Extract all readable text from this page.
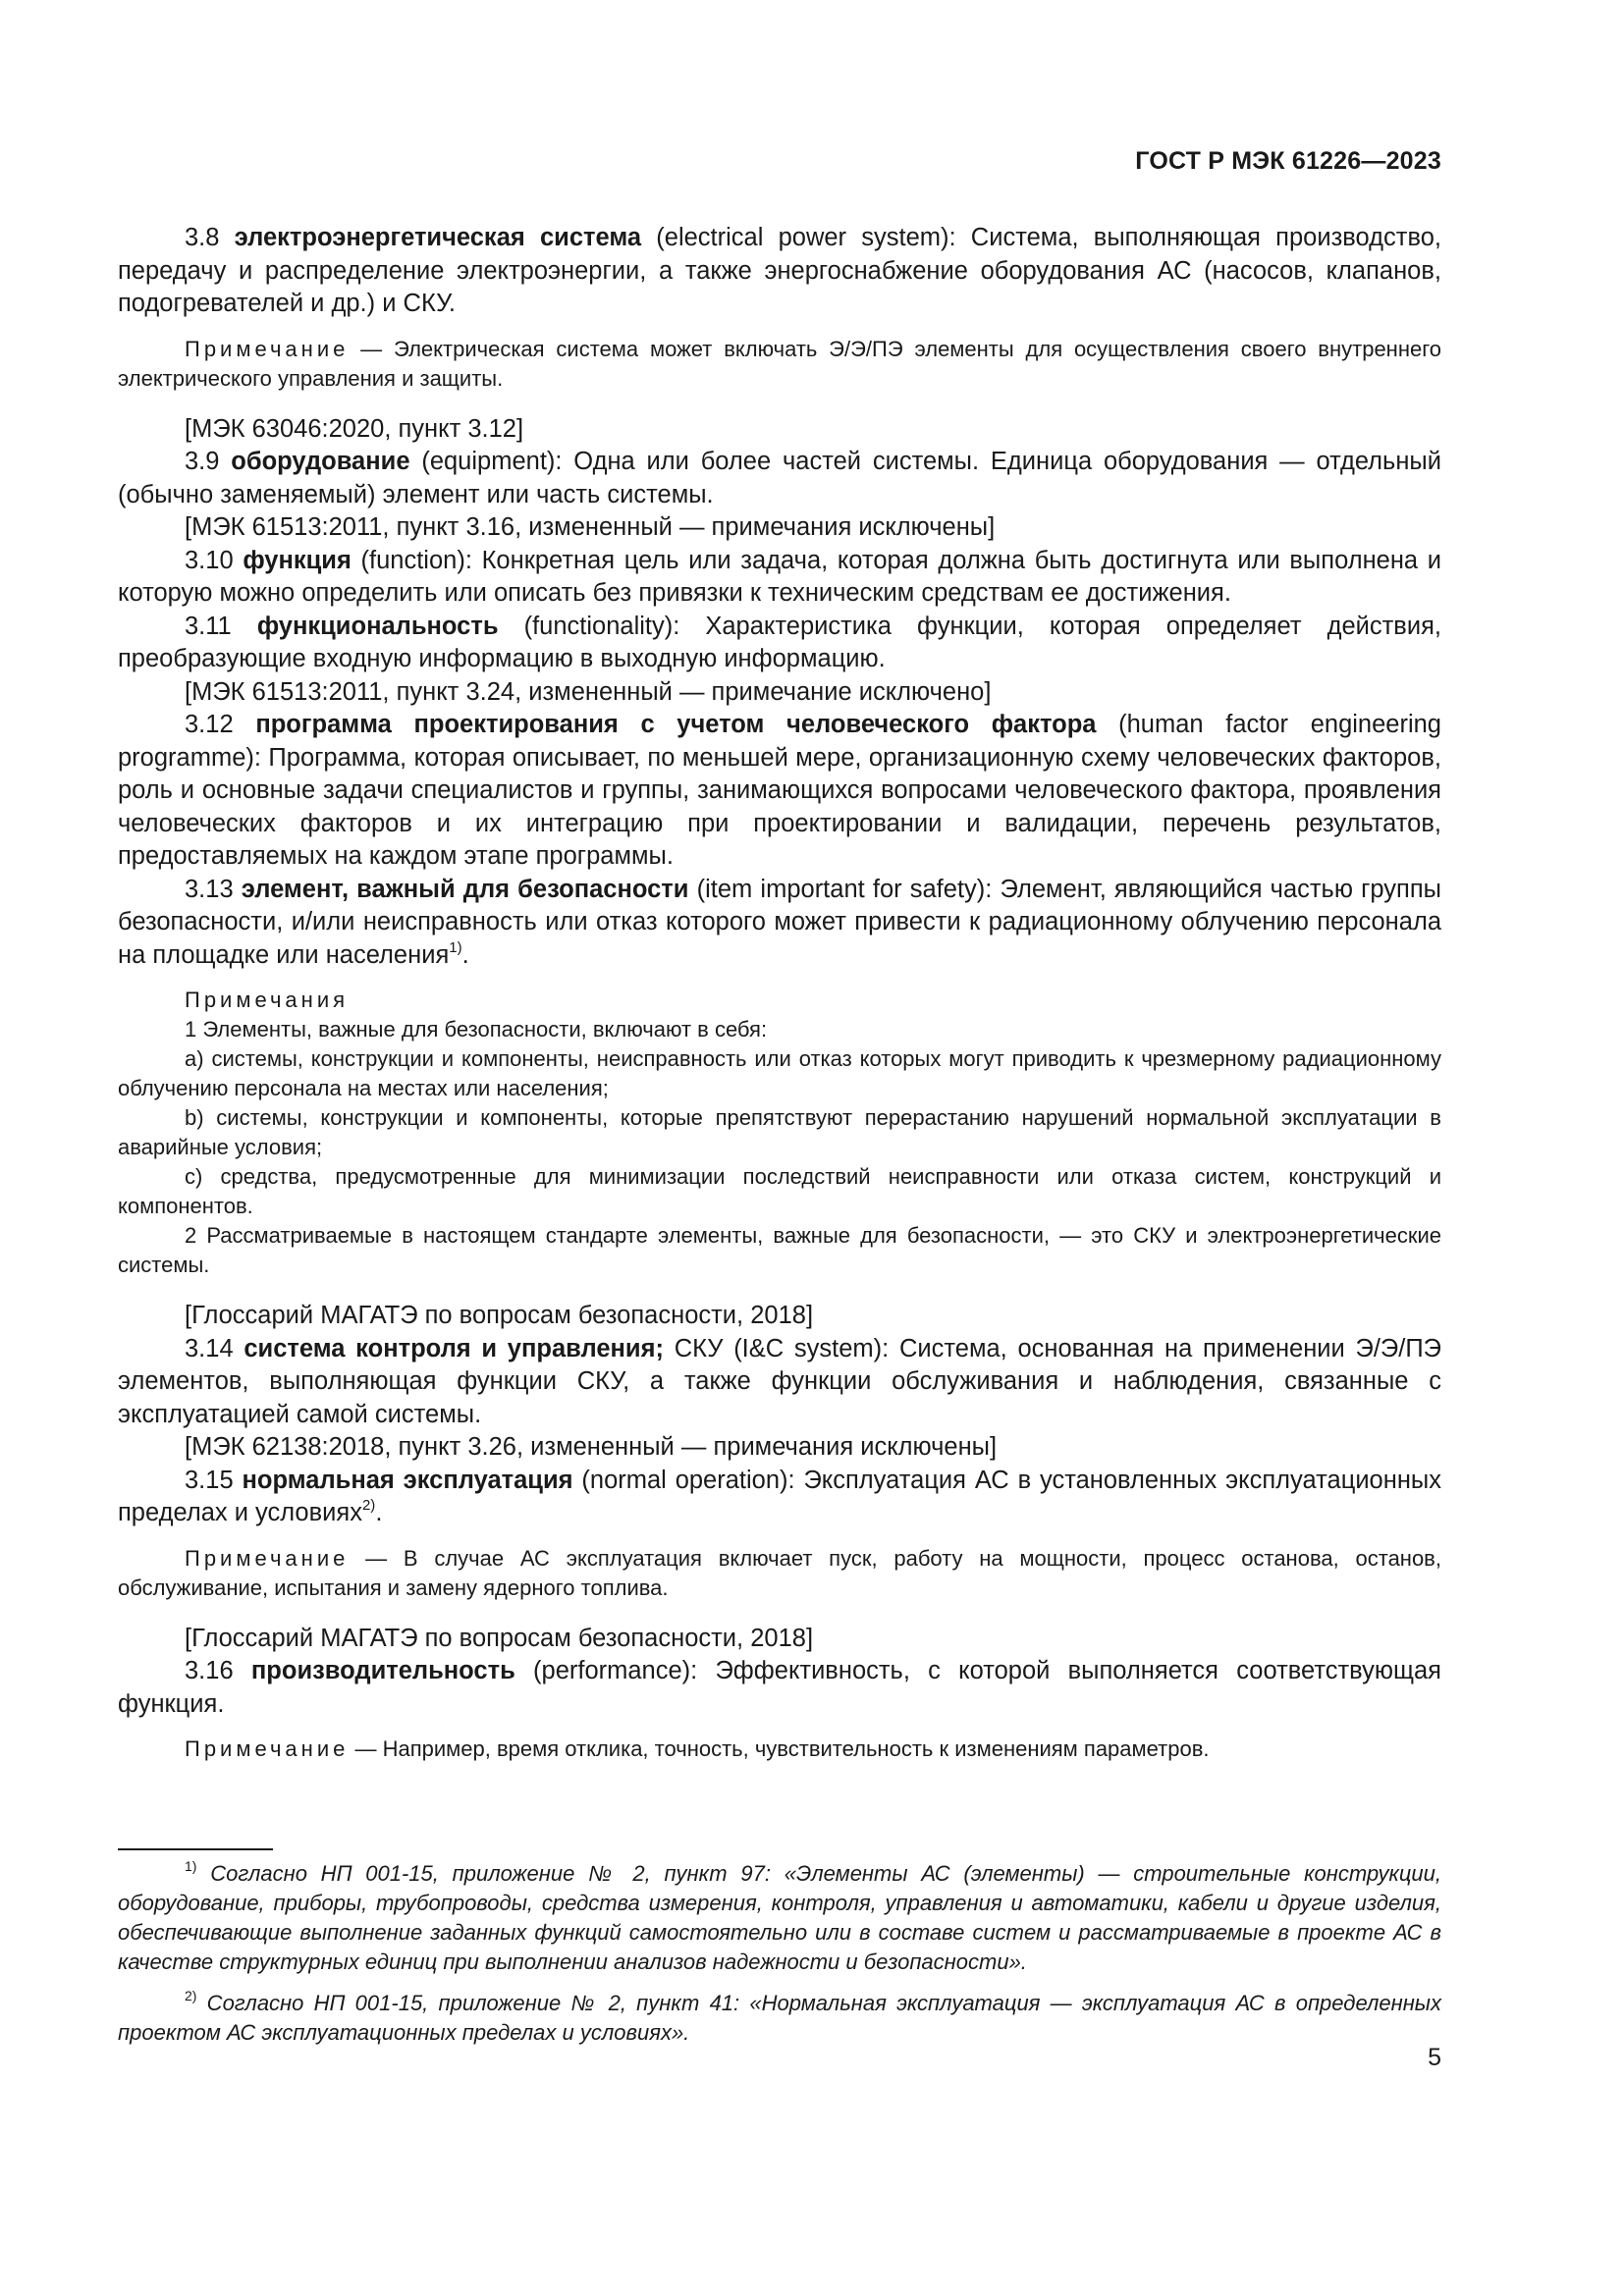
ГОСТ Р МЭК 61226—2023

3.8 электроэнергетическая система (electrical power system): Система, выполняющая производство, передачу и распределение электроэнергии, а также энергоснабжение оборудования АС (насосов, клапанов, подогревателей и др.) и СКУ.

Примечание — Электрическая система может включать Э/Э/ПЭ элементы для осуществления своего внутреннего электрического управления и защиты.

[МЭК 63046:2020, пункт 3.12]

3.9 оборудование (equipment): Одна или более частей системы. Единица оборудования — отдельный (обычно заменяемый) элемент или часть системы.

[МЭК 61513:2011, пункт 3.16, измененный — примечания исключены]

3.10 функция (function): Конкретная цель или задача, которая должна быть достигнута или выполнена и которую можно определить или описать без привязки к техническим средствам ее достижения.

3.11 функциональность (functionality): Характеристика функции, которая определяет действия, преобразующие входную информацию в выходную информацию.

[МЭК 61513:2011, пункт 3.24, измененный — примечание исключено]

3.12 программа проектирования с учетом человеческого фактора (human factor engineering programme): Программа, которая описывает, по меньшей мере, организационную схему человеческих факторов, роль и основные задачи специалистов и группы, занимающихся вопросами человеческого фактора, проявления человеческих факторов и их интеграцию при проектировании и валидации, перечень результатов, предоставляемых на каждом этапе программы.

3.13 элемент, важный для безопасности (item important for safety): Элемент, являющийся частью группы безопасности, и/или неисправность или отказ которого может привести к радиационному облучению персонала на площадке или населения$^{1)}$.

Примечания

1 Элементы, важные для безопасности, включают в себя:

a) системы, конструкции и компоненты, неисправность или отказ которых могут приводить к чрезмерному радиационному облучению персонала на местах или населения;

b) системы, конструкции и компоненты, которые препятствуют перерастанию нарушений нормальной эксплуатации в аварийные условия;

c) средства, предусмотренные для минимизации последствий неисправности или отказа систем, конструкций и компонентов.

2 Рассматриваемые в настоящем стандарте элементы, важные для безопасности, — это СКУ и электроэнергетические системы.

[Глоссарий МАГАТЭ по вопросам безопасности, 2018]

3.14 система контроля и управления; СКУ (I&C system): Система, основанная на применении Э/Э/ПЭ элементов, выполняющая функции СКУ, а также функции обслуживания и наблюдения, связанные с эксплуатацией самой системы.

[МЭК 62138:2018, пункт 3.26, измененный — примечания исключены]

3.15 нормальная эксплуатация (normal operation): Эксплуатация АС в установленных эксплуатационных пределах и условиях$^{2)}$.

Примечание — В случае АС эксплуатация включает пуск, работу на мощности, процесс останова, останов, обслуживание, испытания и замену ядерного топлива.

[Глоссарий МАГАТЭ по вопросам безопасности, 2018]

3.16 производительность (performance): Эффективность, с которой выполняется соответствующая функция.

Примечание — Например, время отклика, точность, чувствительность к изменениям параметров.

$^{1)}$ Согласно НП 001-15, приложение № 2, пункт 97: «Элементы АС (элементы) — строительные конструкции, оборудование, приборы, трубопроводы, средства измерения, контроля, управления и автоматики, кабели и другие изделия, обеспечивающие выполнение заданных функций самостоятельно или в составе систем и рассматриваемые в проекте АС в качестве структурных единиц при выполнении анализов надежности и безопасности».

$^{2)}$ Согласно НП 001-15, приложение № 2, пункт 41: «Нормальная эксплуатация — эксплуатация АС в определенных проектом АС эксплуатационных пределах и условиях».

5
